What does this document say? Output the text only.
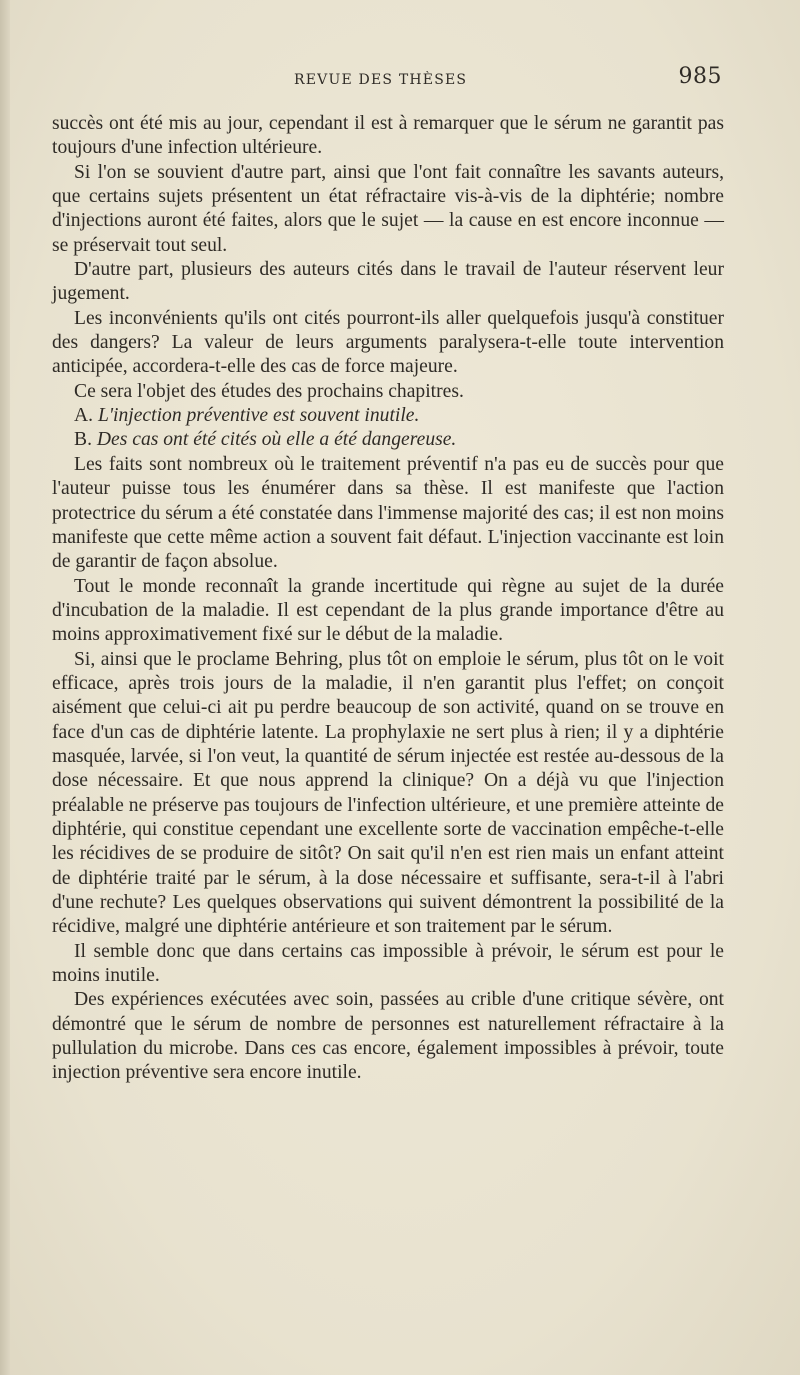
REVUE DES THÈSES	985

succès ont été mis au jour, cependant il est à remarquer que le sérum ne garantit pas toujours d'une infection ultérieure.

Si l'on se souvient d'autre part, ainsi que l'ont fait connaître les savants auteurs, que certains sujets présentent un état réfractaire vis-à-vis de la diphtérie; nombre d'injections auront été faites, alors que le sujet — la cause en est encore inconnue — se préservait tout seul.

D'autre part, plusieurs des auteurs cités dans le travail de l'auteur réservent leur jugement.

Les inconvénients qu'ils ont cités pourront-ils aller quelquefois jusqu'à constituer des dangers? La valeur de leurs arguments paralysera-t-elle toute intervention anticipée, accordera-t-elle des cas de force majeure.

Ce sera l'objet des études des prochains chapitres.

A. L'injection préventive est souvent inutile.

B. Des cas ont été cités où elle a été dangereuse.

Les faits sont nombreux où le traitement préventif n'a pas eu de succès pour que l'auteur puisse tous les énumérer dans sa thèse. Il est manifeste que l'action protectrice du sérum a été constatée dans l'immense majorité des cas; il est non moins manifeste que cette même action a souvent fait défaut. L'injection vaccinante est loin de garantir de façon absolue.

Tout le monde reconnaît la grande incertitude qui règne au sujet de la durée d'incubation de la maladie. Il est cependant de la plus grande importance d'être au moins approximativement fixé sur le début de la maladie.

Si, ainsi que le proclame Behring, plus tôt on emploie le sérum, plus tôt on le voit efficace, après trois jours de la maladie, il n'en garantit plus l'effet; on conçoit aisément que celui-ci ait pu perdre beaucoup de son activité, quand on se trouve en face d'un cas de diphtérie latente. La prophylaxie ne sert plus à rien; il y a diphtérie masquée, larvée, si l'on veut, la quantité de sérum injectée est restée au-dessous de la dose nécessaire. Et que nous apprend la clinique? On a déjà vu que l'injection préalable ne préserve pas toujours de l'infection ultérieure, et une première atteinte de diphtérie, qui constitue cependant une excellente sorte de vaccination empêche-t-elle les récidives de se produire de sitôt? On sait qu'il n'en est rien mais un enfant atteint de diphtérie traité par le sérum, à la dose nécessaire et suffisante, sera-t-il à l'abri d'une rechute? Les quelques observations qui suivent démontrent la possibilité de la récidive, malgré une diphtérie antérieure et son traitement par le sérum.

Il semble donc que dans certains cas impossible à prévoir, le sérum est pour le moins inutile.

Des expériences exécutées avec soin, passées au crible d'une critique sévère, ont démontré que le sérum de nombre de personnes est naturellement réfractaire à la pullulation du microbe. Dans ces cas encore, également impossibles à prévoir, toute injection préventive sera encore inutile.
